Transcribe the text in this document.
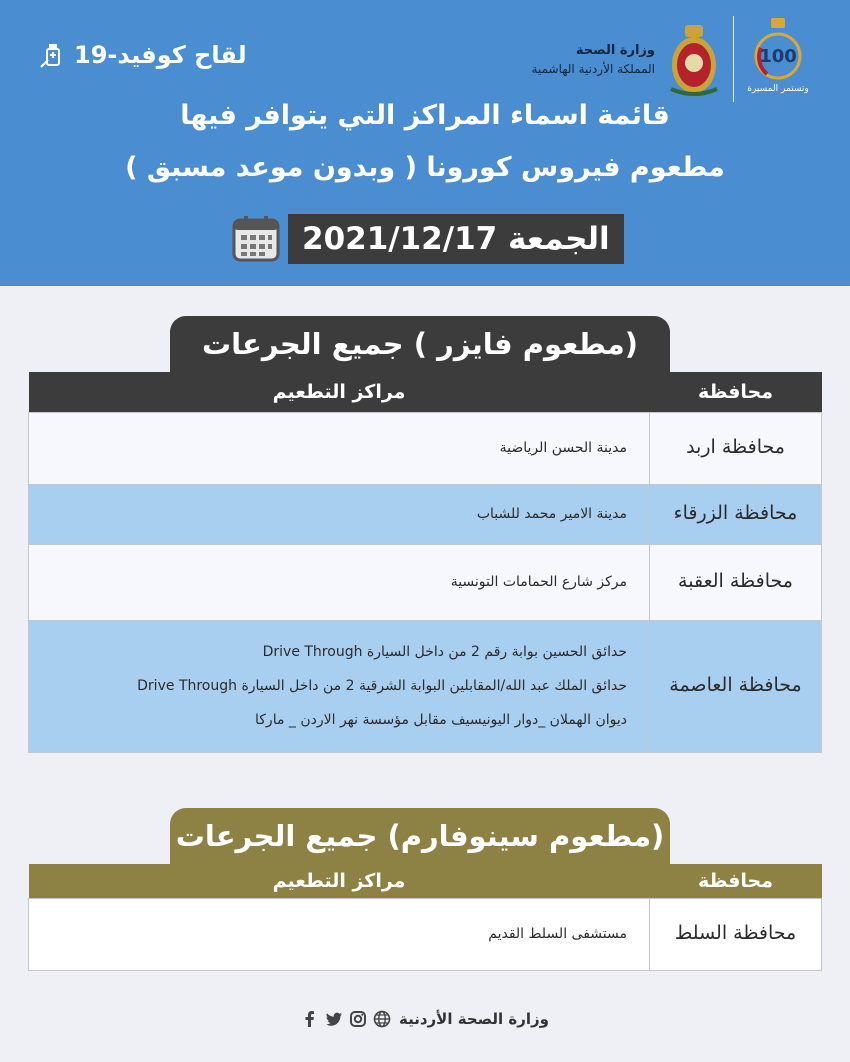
لقاح كوفيد-19	وزارة الصحة
المملكة الأردنية الهاشمية
100
وتستمر المسيرة
قائمة اسماء المراكز التي يتوافر فيها
مطعوم فيروس كورونا ( وبدون موعد مسبق )
الجمعة 2021/12/17
(مطعوم فايزر ) جميع الجرعات
محافظة	مراكز التطعيم
محافظة اربد	مدينة الحسن الرياضية

محافظة الزرقاء	مدينة الامير محمد للشباب

محافظة العقبة	مركز شارع الحمامات التونسية

محافظة العاصمة	حدائق الحسين بوابة رقم 2 من داخل السيارة Drive Through
حدائق الملك عبد الله/المقابلين البوابة الشرقية 2 من داخل السيارة Drive Through
ديوان الهملان _دوار اليونيسيف مقابل مؤسسة نهر الاردن _ ماركا
(مطعوم سينوفارم) جميع الجرعات
محافظة	مراكز التطعيم
محافظة السلط	مستشفى السلط القديم
وزارة الصحة الأردنية
